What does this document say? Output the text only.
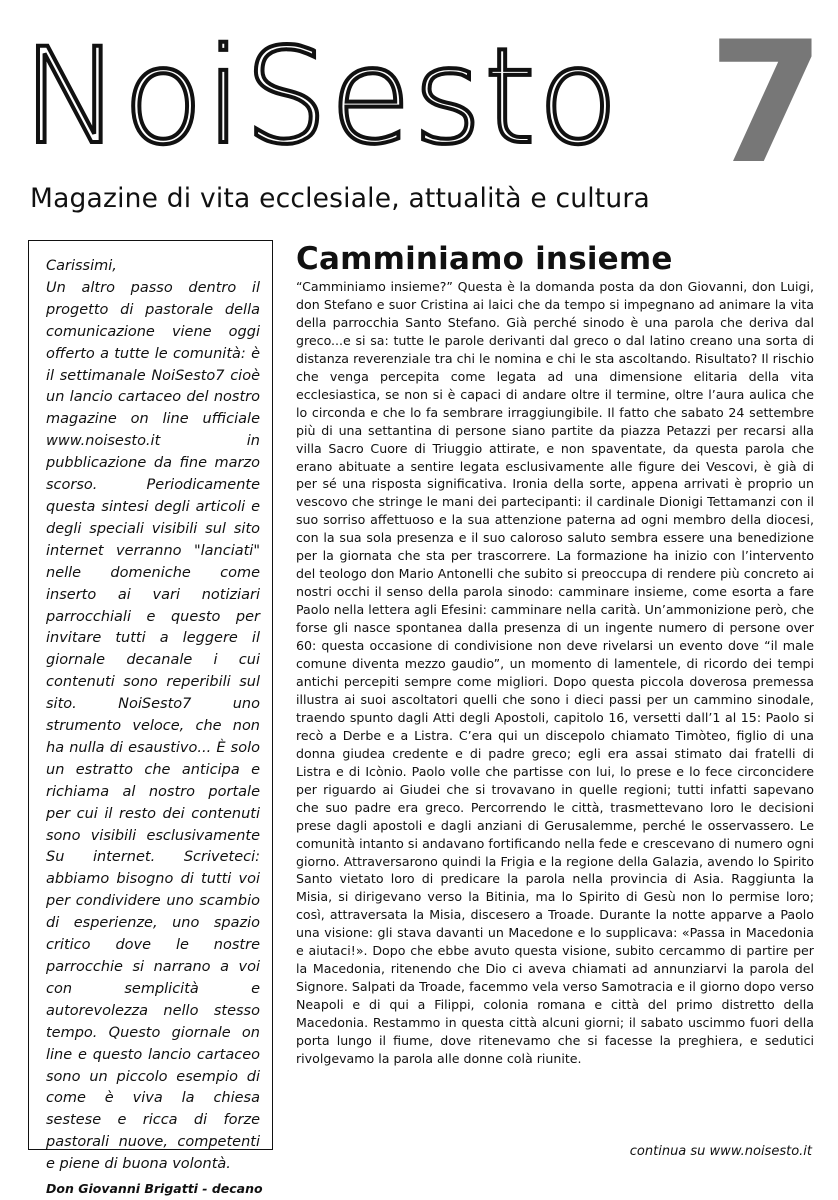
NoiSesto 7
Magazine di vita ecclesiale, attualità e cultura
Carissimi,
Un altro passo dentro il progetto di pastorale della comunicazione viene oggi offerto a tutte le comunità: è il settimanale NoiSesto7 cioè un lancio cartaceo del nostro magazine on line ufficiale www.noisesto.it in pubblicazione da fine marzo scorso. Periodicamente questa sintesi degli articoli e degli speciali visibili sul sito internet verranno "lanciati" nelle domeniche come inserto ai vari notiziari parrocchiali e questo per invitare tutti a leggere il giornale decanale i cui contenuti sono reperibili sul sito. NoiSesto7 uno strumento veloce, che non ha nulla di esaustivo... È solo un estratto che anticipa e richiama al nostro portale per cui il resto dei contenuti sono visibili esclusivamente Su internet. Scriveteci: abbiamo bisogno di tutti voi per condividere uno scambio di esperienze, uno spazio critico dove le nostre parrocchie si narrano a voi con semplicità e autorevolezza nello stesso tempo. Questo giornale on line e questo lancio cartaceo sono un piccolo esempio di come è viva la chiesa sestese e ricca di forze pastorali nuove, competenti e piene di buona volontà.
Don Giovanni Brigatti - decano
Camminiamo insieme
“Camminiamo insieme?” Questa è la domanda posta da don Giovanni, don Luigi, don Stefano e suor Cristina ai laici che da tempo si impegnano ad animare la vita della parrocchia Santo Stefano. Già perché sinodo è una parola che deriva dal greco...e si sa: tutte le parole derivanti dal greco o dal latino creano una sorta di distanza reverenziale tra chi le nomina e chi le sta ascoltando. Risultato? Il rischio che venga percepita come legata ad una dimensione elitaria della vita ecclesiastica, se non si è capaci di andare oltre il termine, oltre l’aura aulica che lo circonda e che lo fa sembrare irraggiungibile. Il fatto che sabato 24 settembre più di una settantina di persone siano partite da piazza Petazzi per recarsi alla villa Sacro Cuore di Triuggio attirate, e non spaventate, da questa parola che erano abituate a sentire legata esclusivamente alle figure dei Vescovi, è già di per sé una risposta significativa. Ironia della sorte, appena arrivati è proprio un vescovo che stringe le mani dei partecipanti: il cardinale Dionigi Tettamanzi con il suo sorriso affettuoso e la sua attenzione paterna ad ogni membro della diocesi, con la sua sola presenza e il suo caloroso saluto sembra essere una benedizione per la giornata che sta per trascorrere. La formazione ha inizio con l’intervento del teologo don Mario Antonelli che subito si preoccupa di rendere più concreto ai nostri occhi il senso della parola sinodo: camminare insieme, come esorta a fare Paolo nella lettera agli Efesini: camminare nella carità. Un’ammonizione però, che forse gli nasce spontanea dalla presenza di un ingente numero di persone over 60: questa occasione di condivisione non deve rivelarsi un evento dove “il male comune diventa mezzo gaudio”, un momento di lamentele, di ricordo dei tempi antichi percepiti sempre come migliori. Dopo questa piccola doverosa premessa illustra ai suoi ascoltatori quelli che sono i dieci passi per un cammino sinodale, traendo spunto dagli Atti degli Apostoli, capitolo 16, versetti dall’1 al 15: Paolo si recò a Derbe e a Listra. C’era qui un discepolo chiamato Timòteo, figlio di una donna giudea credente e di padre greco; egli era assai stimato dai fratelli di Listra e di Icònio. Paolo volle che partisse con lui, lo prese e lo fece circoncidere per riguardo ai Giudei che si trovavano in quelle regioni; tutti infatti sapevano che suo padre era greco. Percorrendo le città, trasmettevano loro le decisioni prese dagli apostoli e dagli anziani di Gerusalemme, perché le osservassero. Le comunità intanto si andavano fortificando nella fede e crescevano di numero ogni giorno. Attraversarono quindi la Frigia e la regione della Galazia, avendo lo Spirito Santo vietato loro di predicare la parola nella provincia di Asia. Raggiunta la Misia, si dirigevano verso la Bitinia, ma lo Spirito di Gesù non lo permise loro; così, attraversata la Misia, discesero a Troade. Durante la notte apparve a Paolo una visione: gli stava davanti un Macedone e lo supplicava: «Passa in Macedonia e aiutaci!». Dopo che ebbe avuto questa visione, subito cercammo di partire per la Macedonia, ritenendo che Dio ci aveva chiamati ad annunziarvi la parola del Signore. Salpati da Troade, facemmo vela verso Samotracia e il giorno dopo verso Neapoli e di qui a Filippi, colonia romana e città del primo distretto della Macedonia. Restammo in questa città alcuni giorni; il sabato uscimmo fuori della porta lungo il fiume, dove ritenevamo che si facesse la preghiera, e sedutici rivolgevamo la parola alle donne colà riunite.
continua su www.noisesto.it
